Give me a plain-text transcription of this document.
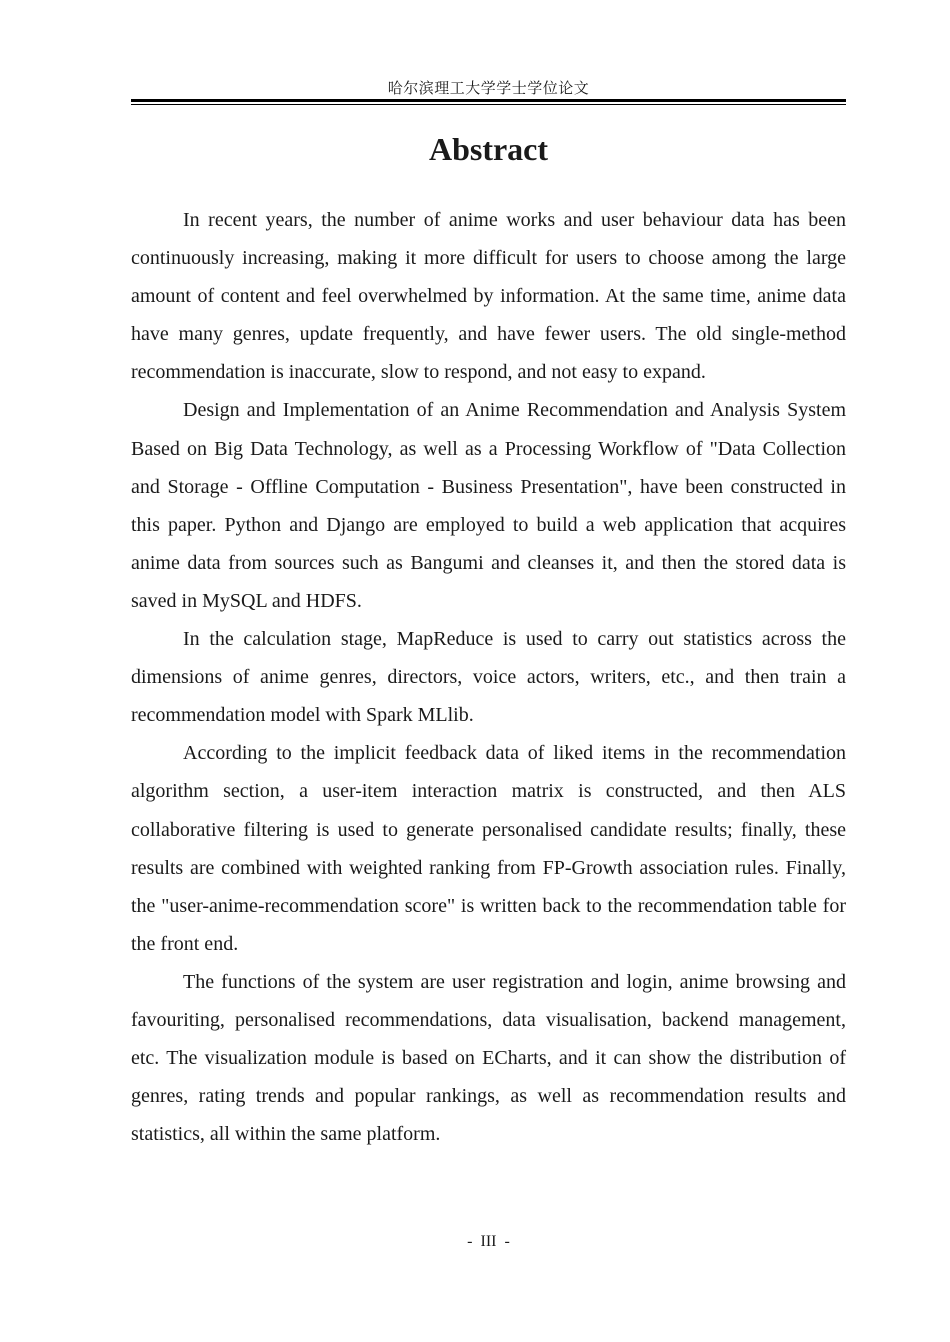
哈尔滨理工大学学士学位论文
Abstract

In recent years, the number of anime works and user behaviour data has been continuously increasing, making it more difficult for users to choose among the large amount of content and feel overwhelmed by information. At the same time, anime data have many genres, update frequently, and have fewer users. The old single-method recommendation is inaccurate, slow to respond, and not easy to expand.

Design and Implementation of an Anime Recommendation and Analysis System Based on Big Data Technology, as well as a Processing Workflow of "Data Collection and Storage - Offline Computation - Business Presentation", have been constructed in this paper. Python and Django are employed to build a web application that acquires anime data from sources such as Bangumi and cleanses it, and then the stored data is saved in MySQL and HDFS.

In the calculation stage, MapReduce is used to carry out statistics across the dimensions of anime genres, directors, voice actors, writers, etc., and then train a recommendation model with Spark MLlib.

According to the implicit feedback data of liked items in the recommendation algorithm section, a user-item interaction matrix is constructed, and then ALS collaborative filtering is used to generate personalised candidate results; finally, these results are combined with weighted ranking from FP-Growth association rules. Finally, the "user-anime-recommendation score" is written back to the recommendation table for the front end.

The functions of the system are user registration and login, anime browsing and favouriting, personalised recommendations, data visualisation, backend management, etc. The visualization module is based on ECharts, and it can show the distribution of genres, rating trends and popular rankings, as well as recommendation results and statistics, all within the same platform.

-  III  -
